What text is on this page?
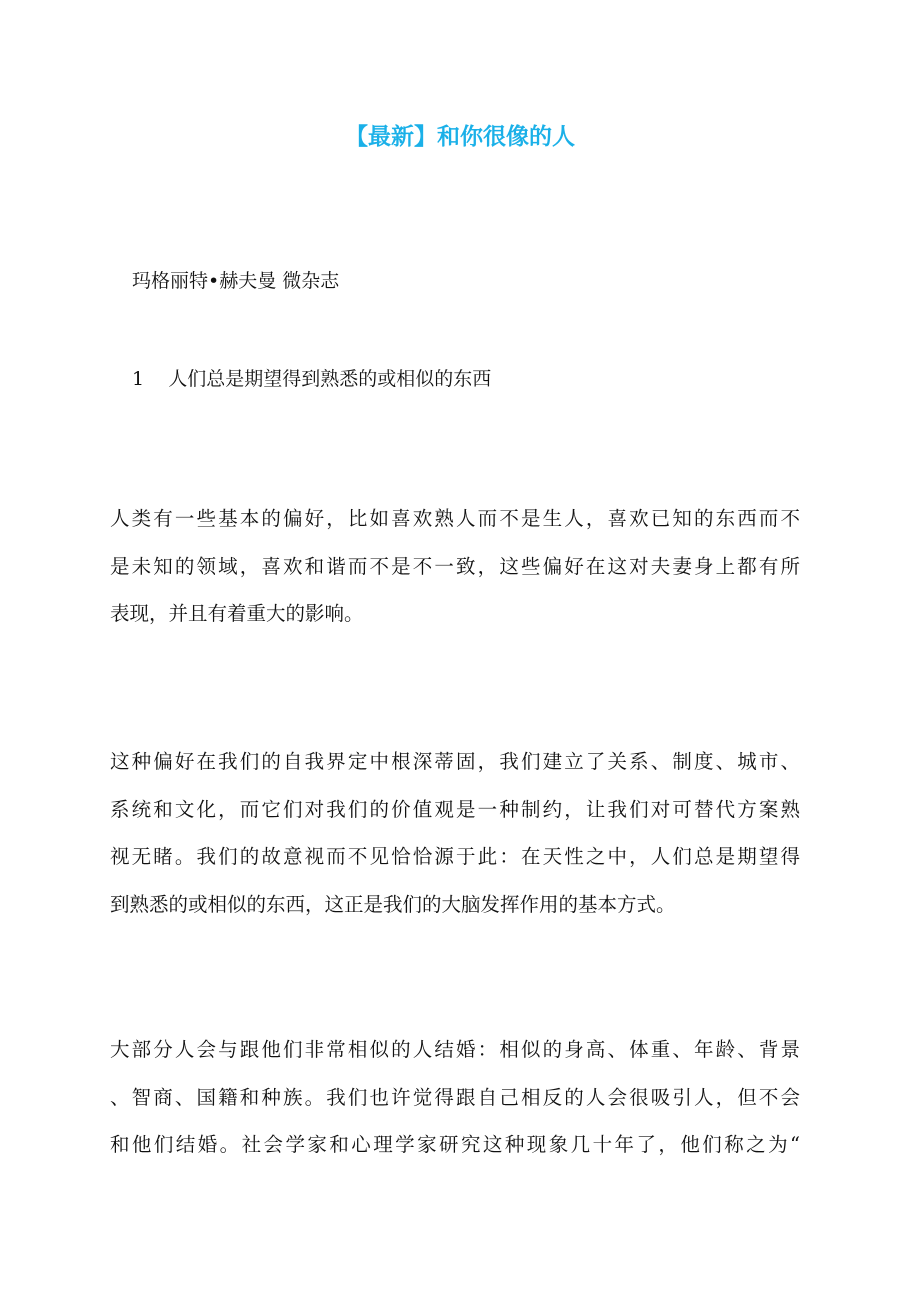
【最新】和你很像的人
玛格丽特•赫夫曼 微杂志
1    人们总是期望得到熟悉的或相似的东西
人类有一些基本的偏好，比如喜欢熟人而不是生人，喜欢已知的东西而不
是未知的领域，喜欢和谐而不是不一致，这些偏好在这对夫妻身上都有所
表现，并且有着重大的影响。
这种偏好在我们的自我界定中根深蒂固，我们建立了关系、制度、城市、
系统和文化，而它们对我们的价值观是一种制约，让我们对可替代方案熟
视无睹。我们的故意视而不见恰恰源于此：在天性之中，人们总是期望得
到熟悉的或相似的东西，这正是我们的大脑发挥作用的基本方式。
大部分人会与跟他们非常相似的人结婚：相似的身高、体重、年龄、背景
、智商、国籍和种族。我们也许觉得跟自己相反的人会很吸引人，但不会
和他们结婚。社会学家和心理学家研究这种现象几十年了，他们称之为“
